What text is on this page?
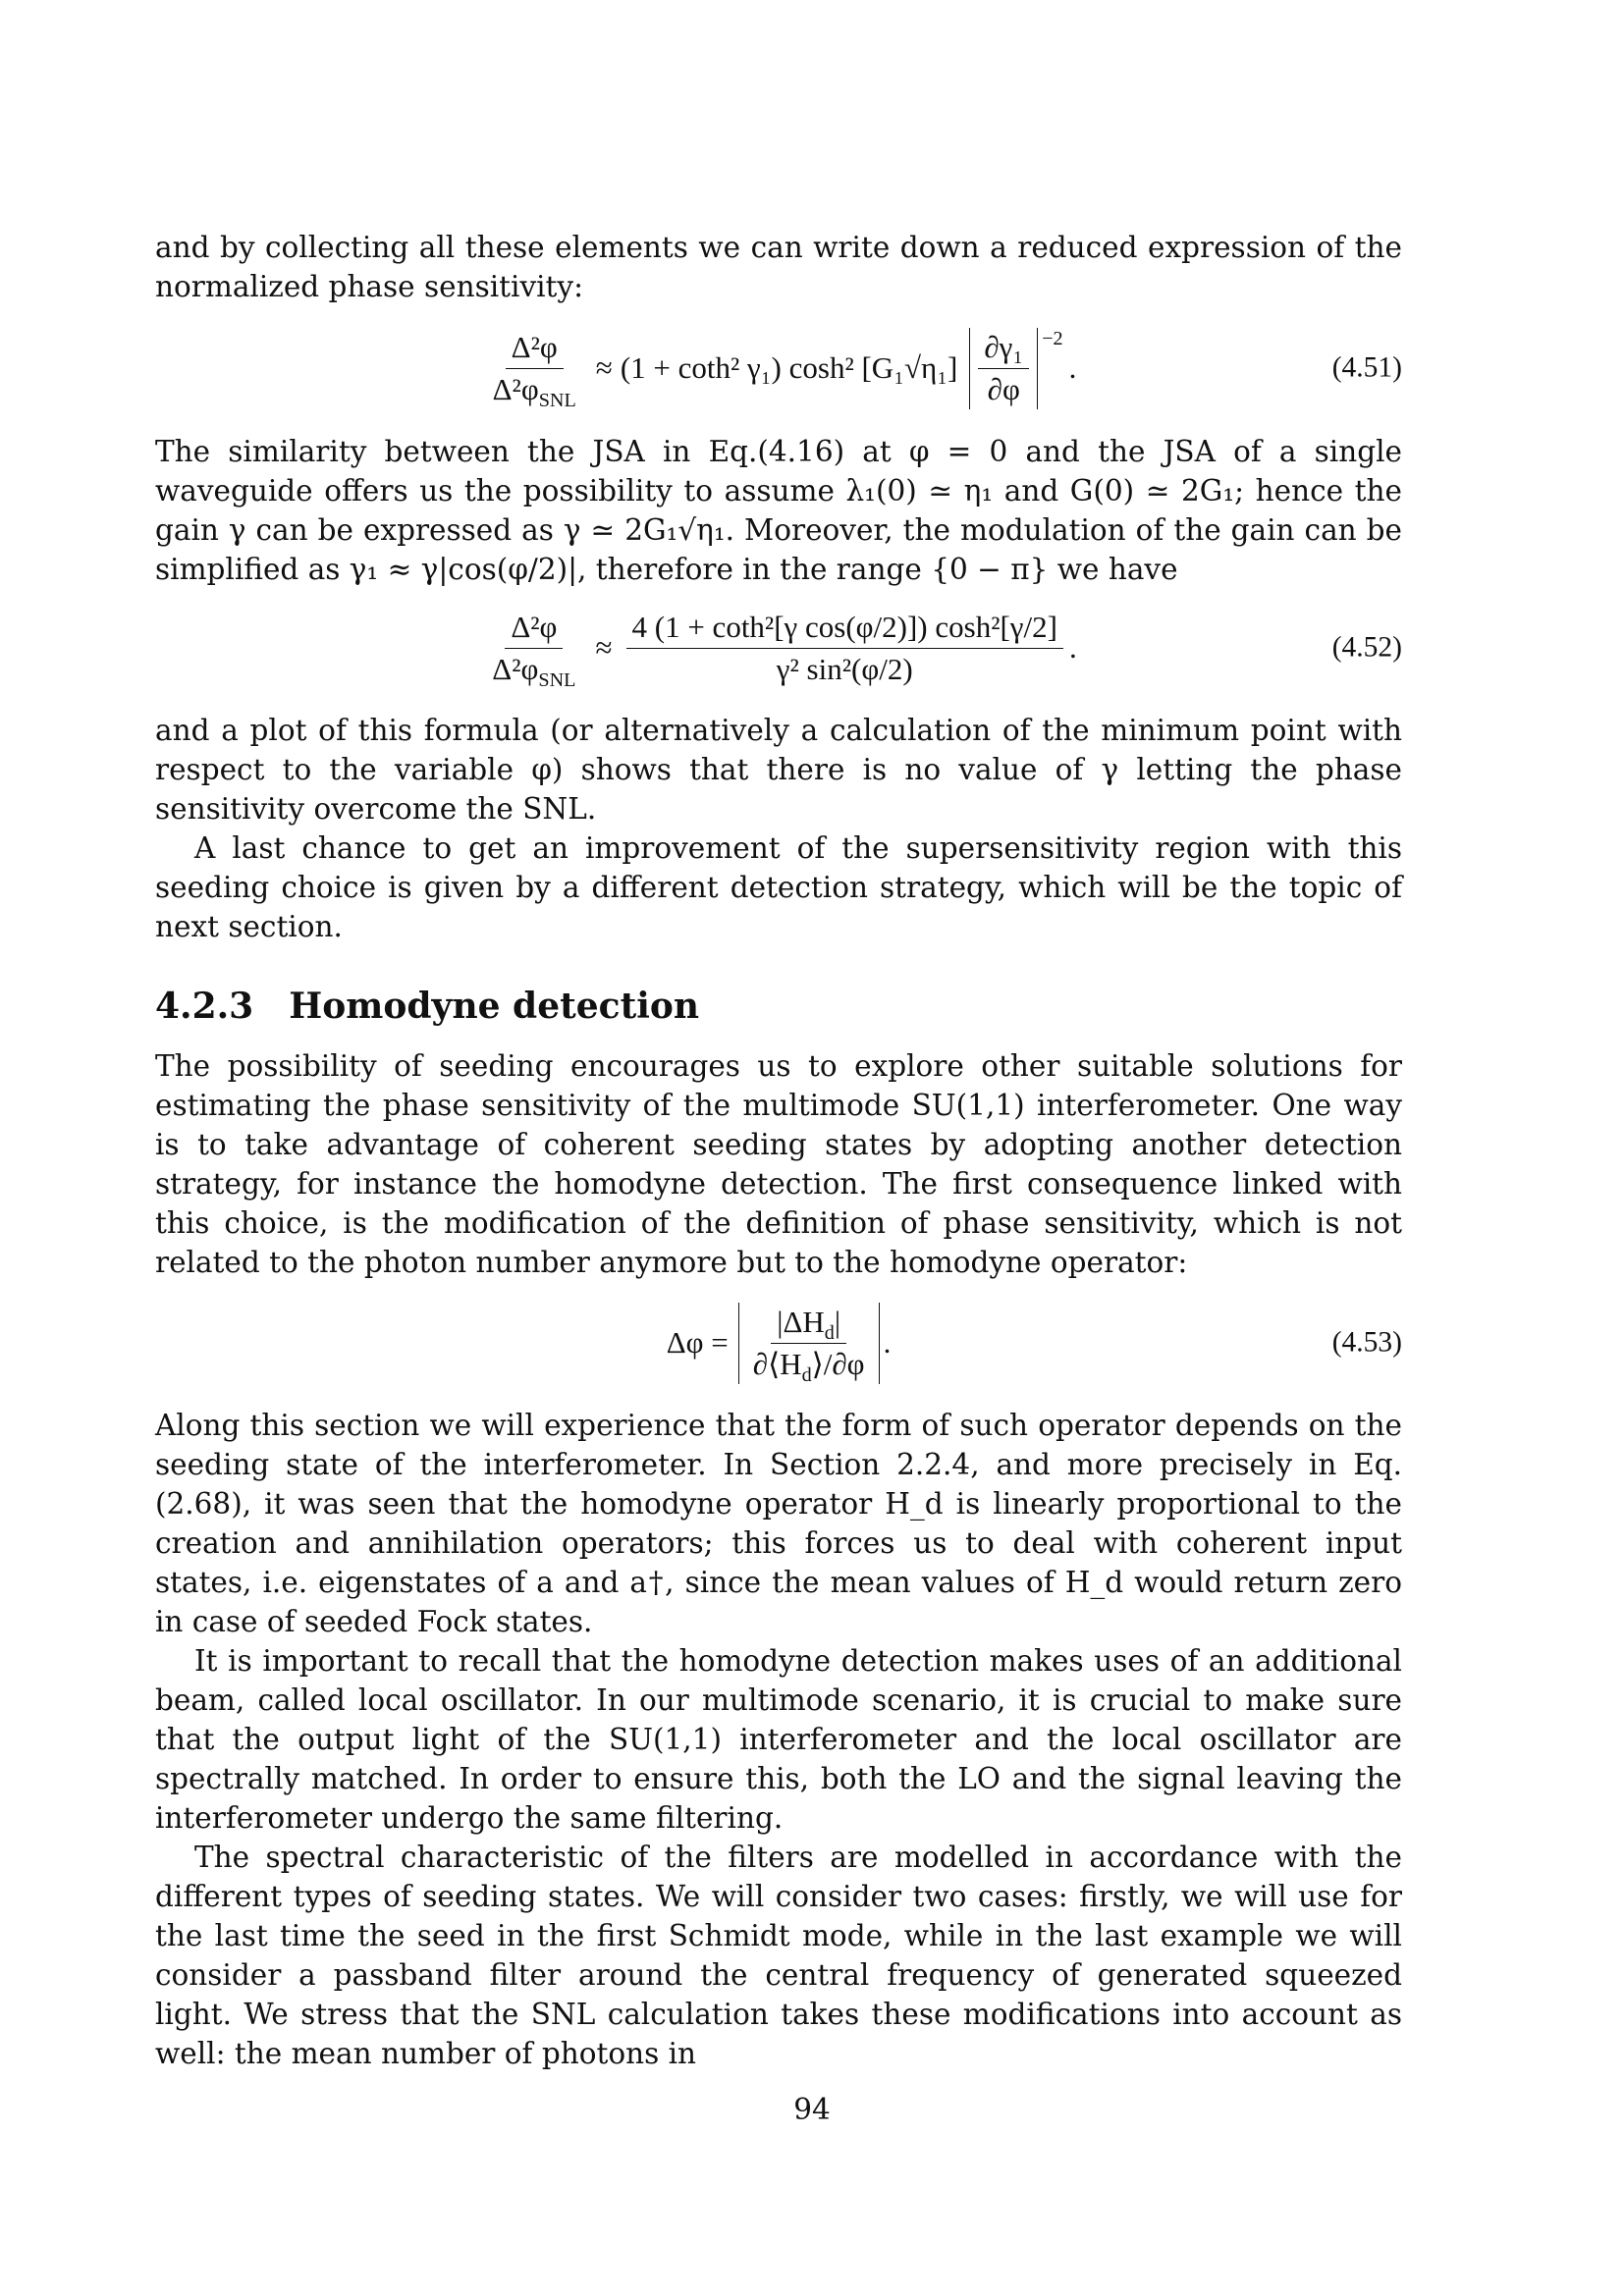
and by collecting all these elements we can write down a reduced expression of the normalized phase sensitivity:

$\frac{\text{Δ²φ}}{\Delta^2\varphi_{SNL}} \approx (1 + \cot h^2$ γ₁) cosh² $[G_1√\eta_1] \frac{\text{∂γ₁}}{\partial\varphi} ^{-2}$
.	(4.51)

The similarity between the JSA in Eq.(4.16) at φ = 0 and the JSA of a single waveguide offers us the possibility to assume λ₁(0) ≃ η₁ and G(0) ≃ 2G₁; hence the gain γ can be expressed as γ ≃ 2G₁√η₁. Moreover, the modulation of the gain can be simplified as γ₁ ≈ γ|cos(φ/2)|, therefore in the range {0 − π} we have

$\frac{\text{Δ²φ}}{\Delta^2\varphi_{SNL}} \approx \frac{\text{4 (1 + coth²[γ cos(φ/2)]) cosh²[γ/2]}}{\text{γ² sin²(φ/2)}}$ .	(4.52)

and a plot of this formula (or alternatively a calculation of the minimum point with respect to the variable φ) shows that there is no value of γ letting the phase sensitivity overcome the SNL.

A last chance to get an improvement of the supersensitivity region with this seeding choice is given by a different detection strategy, which will be the topic of next section.

4.2.3 Homodyne detection

The possibility of seeding encourages us to explore other suitable solutions for estimating the phase sensitivity of the multimode SU(1,1) interferometer. One way is to take advantage of coherent seeding states by adopting another detection strategy, for instance the homodyne detection. The first consequence linked with this choice, is the modification of the definition of phase sensitivity, which is not related to the photon number anymore but to the homodyne operator:

$\Delta\varphi = \frac{|\Delta H_d|}{\partial⟨H_d⟩/\partial\varphi}$ .	(4.53)

Along this section we will experience that the form of such operator depends on the seeding state of the interferometer. In Section 2.2.4, and more precisely in Eq.(2.68), it was seen that the homodyne operator H_d is linearly proportional to the creation and annihilation operators; this forces us to deal with coherent input states, i.e. eigenstates of a and a†, since the mean values of H_d would return zero in case of seeded Fock states.

It is important to recall that the homodyne detection makes uses of an additional beam, called local oscillator. In our multimode scenario, it is crucial to make sure that the output light of the SU(1,1) interferometer and the local oscillator are spectrally matched. In order to ensure this, both the LO and the signal leaving the interferometer undergo the same filtering.

The spectral characteristic of the filters are modelled in accordance with the different types of seeding states. We will consider two cases: firstly, we will use for the last time the seed in the first Schmidt mode, while in the last example we will consider a passband filter around the central frequency of generated squeezed light. We stress that the SNL calculation takes these modifications into account as well: the mean number of photons in

94
